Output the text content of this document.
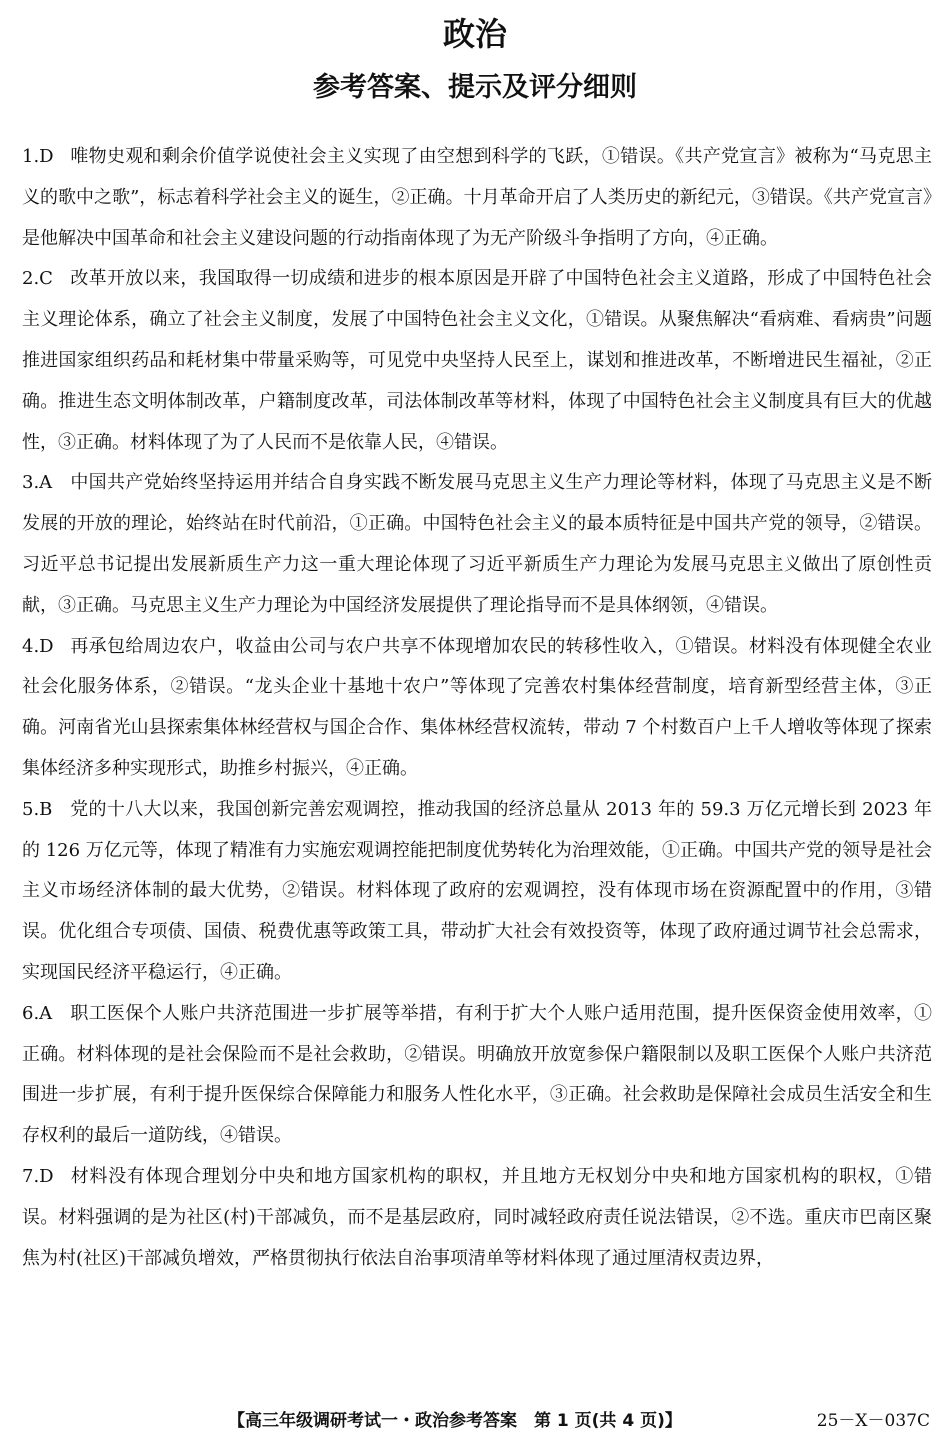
政治
参考答案、提示及评分细则

1.D 唯物史观和剩余价值学说使社会主义实现了由空想到科学的飞跃，①错误。《共产党宣言》被称为“马克思主义的歌中之歌”，标志着科学社会主义的诞生，②正确。十月革命开启了人类历史的新纪元，③错误。《共产党宣言》是他解决中国革命和社会主义建设问题的行动指南体现了为无产阶级斗争指明了方向，④正确。

2.C 改革开放以来，我国取得一切成绩和进步的根本原因是开辟了中国特色社会主义道路，形成了中国特色社会主义理论体系，确立了社会主义制度，发展了中国特色社会主义文化，①错误。从聚焦解决“看病难、看病贵”问题推进国家组织药品和耗材集中带量采购等，可见党中央坚持人民至上，谋划和推进改革，不断增进民生福祉，②正确。推进生态文明体制改革，户籍制度改革，司法体制改革等材料，体现了中国特色社会主义制度具有巨大的优越性，③正确。材料体现了为了人民而不是依靠人民，④错误。

3.A 中国共产党始终坚持运用并结合自身实践不断发展马克思主义生产力理论等材料，体现了马克思主义是不断发展的开放的理论，始终站在时代前沿，①正确。中国特色社会主义的最本质特征是中国共产党的领导，②错误。习近平总书记提出发展新质生产力这一重大理论体现了习近平新质生产力理论为发展马克思主义做出了原创性贡献，③正确。马克思主义生产力理论为中国经济发展提供了理论指导而不是具体纲领，④错误。

4.D 再承包给周边农户，收益由公司与农户共享不体现增加农民的转移性收入，①错误。材料没有体现健全农业社会化服务体系，②错误。“龙头企业十基地十农户”等体现了完善农村集体经营制度，培育新型经营主体，③正确。河南省光山县探索集体林经营权与国企合作、集体林经营权流转，带动 7 个村数百户上千人增收等体现了探索集体经济多种实现形式，助推乡村振兴，④正确。

5.B 党的十八大以来，我国创新完善宏观调控，推动我国的经济总量从 2013 年的 59.3 万亿元增长到 2023 年的 126 万亿元等，体现了精准有力实施宏观调控能把制度优势转化为治理效能，①正确。中国共产党的领导是社会主义市场经济体制的最大优势，②错误。材料体现了政府的宏观调控，没有体现市场在资源配置中的作用，③错误。优化组合专项债、国债、税费优惠等政策工具，带动扩大社会有效投资等，体现了政府通过调节社会总需求，实现国民经济平稳运行，④正确。

6.A 职工医保个人账户共济范围进一步扩展等举措，有利于扩大个人账户适用范围，提升医保资金使用效率，①正确。材料体现的是社会保险而不是社会救助，②错误。明确放开放宽参保户籍限制以及职工医保个人账户共济范围进一步扩展，有利于提升医保综合保障能力和服务人性化水平，③正确。社会救助是保障社会成员生活安全和生存权利的最后一道防线，④错误。

7.D 材料没有体现合理划分中央和地方国家机构的职权，并且地方无权划分中央和地方国家机构的职权，①错误。材料强调的是为社区(村)干部减负，而不是基层政府，同时减轻政府责任说法错误，②不选。重庆市巴南区聚焦为村(社区)干部减负增效，严格贯彻执行依法自治事项清单等材料体现了通过厘清权责边界，

【高三年级调研考试一・政治参考答案　第 1 页(共 4 页)】	25－X－037C
